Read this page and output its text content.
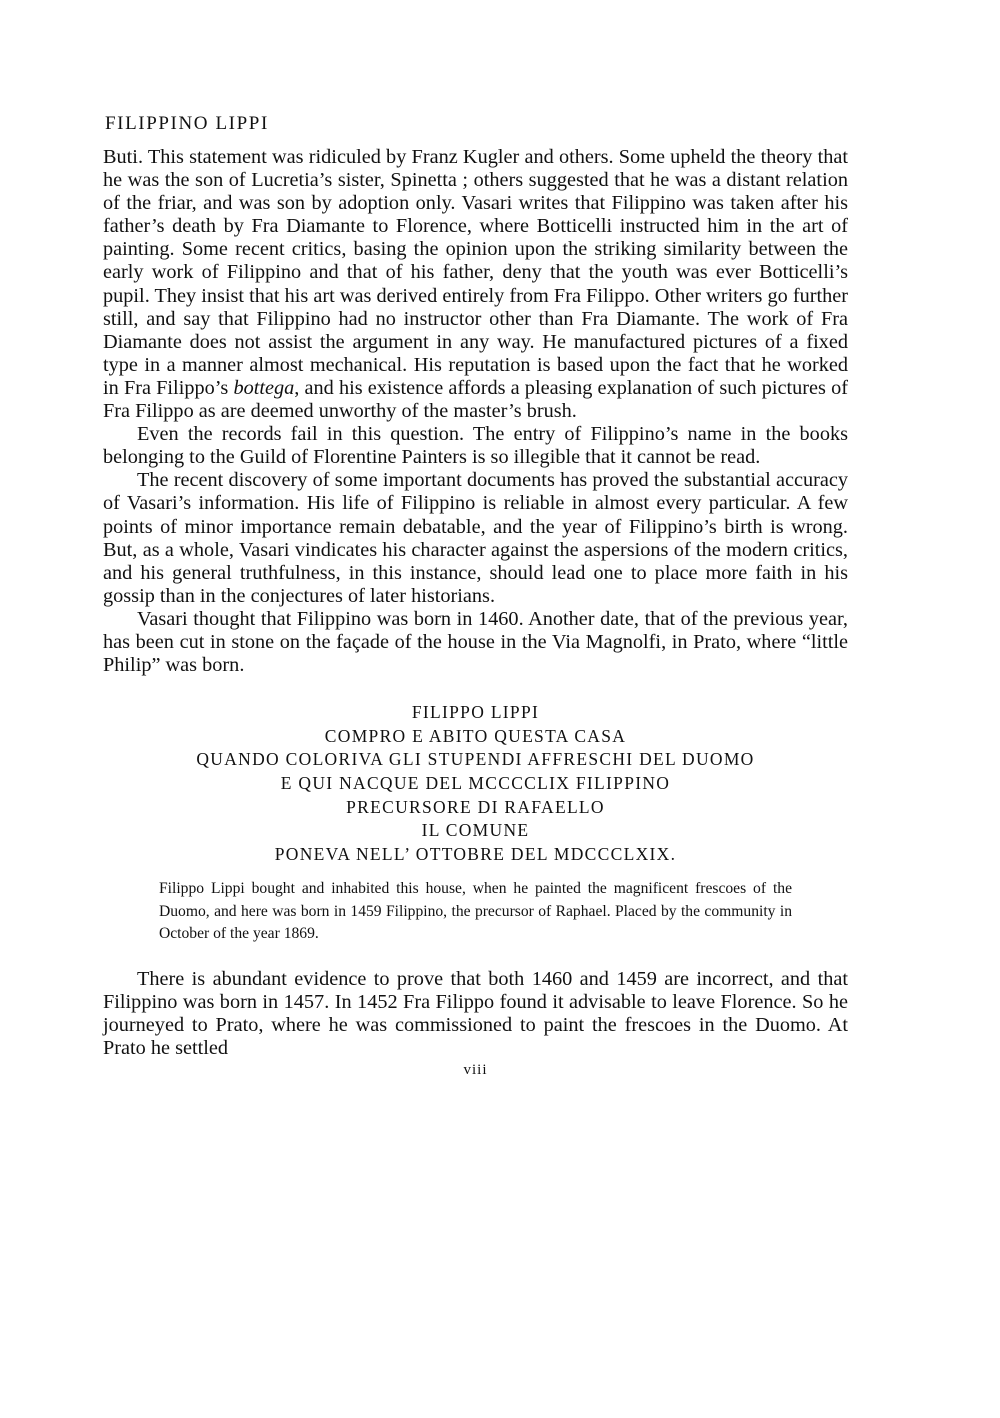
FILIPPINO LIPPI

Buti. This statement was ridiculed by Franz Kugler and others. Some upheld the theory that he was the son of Lucretia’s sister, Spinetta ; others suggested that he was a distant relation of the friar, and was son by adoption only. Vasari writes that Filippino was taken after his father’s death by Fra Diamante to Florence, where Botticelli instructed him in the art of painting. Some recent critics, basing the opinion upon the striking similarity between the early work of Filippino and that of his father, deny that the youth was ever Botticelli’s pupil. They insist that his art was derived entirely from Fra Filippo. Other writers go further still, and say that Filippino had no instructor other than Fra Diamante. The work of Fra Diamante does not assist the argument in any way. He manufactured pictures of a fixed type in a manner almost mechanical. His reputation is based upon the fact that he worked in Fra Filippo’s bottega, and his existence affords a pleasing explanation of such pictures of Fra Filippo as are deemed unworthy of the master’s brush.

Even the records fail in this question. The entry of Filippino’s name in the books belonging to the Guild of Florentine Painters is so illegible that it cannot be read.

The recent discovery of some important documents has proved the substantial accuracy of Vasari’s information. His life of Filippino is reliable in almost every particular. A few points of minor importance remain debatable, and the year of Filippino’s birth is wrong. But, as a whole, Vasari vindicates his character against the aspersions of the modern critics, and his general truthfulness, in this instance, should lead one to place more faith in his gossip than in the conjectures of later historians.

Vasari thought that Filippino was born in 1460. Another date, that of the previous year, has been cut in stone on the façade of the house in the Via Magnolfi, in Prato, where “little Philip” was born.

FILIPPO LIPPI
COMPRO E ABITO QUESTA CASA
QUANDO COLORIVA GLI STUPENDI AFFRESCHI DEL DUOMO
E QUI NACQUE DEL MCCCCLIX FILIPPINO
PRECURSORE DI RAFAELLO
IL COMUNE
PONEVA NELL’ OTTOBRE DEL MDCCCLXIX.

Filippo Lippi bought and inhabited this house, when he painted the magnificent frescoes of the Duomo, and here was born in 1459 Filippino, the precursor of Raphael. Placed by the community in October of the year 1869.

There is abundant evidence to prove that both 1460 and 1459 are incorrect, and that Filippino was born in 1457. In 1452 Fra Filippo found it advisable to leave Florence. So he journeyed to Prato, where he was commissioned to paint the frescoes in the Duomo. At Prato he settled

viii
